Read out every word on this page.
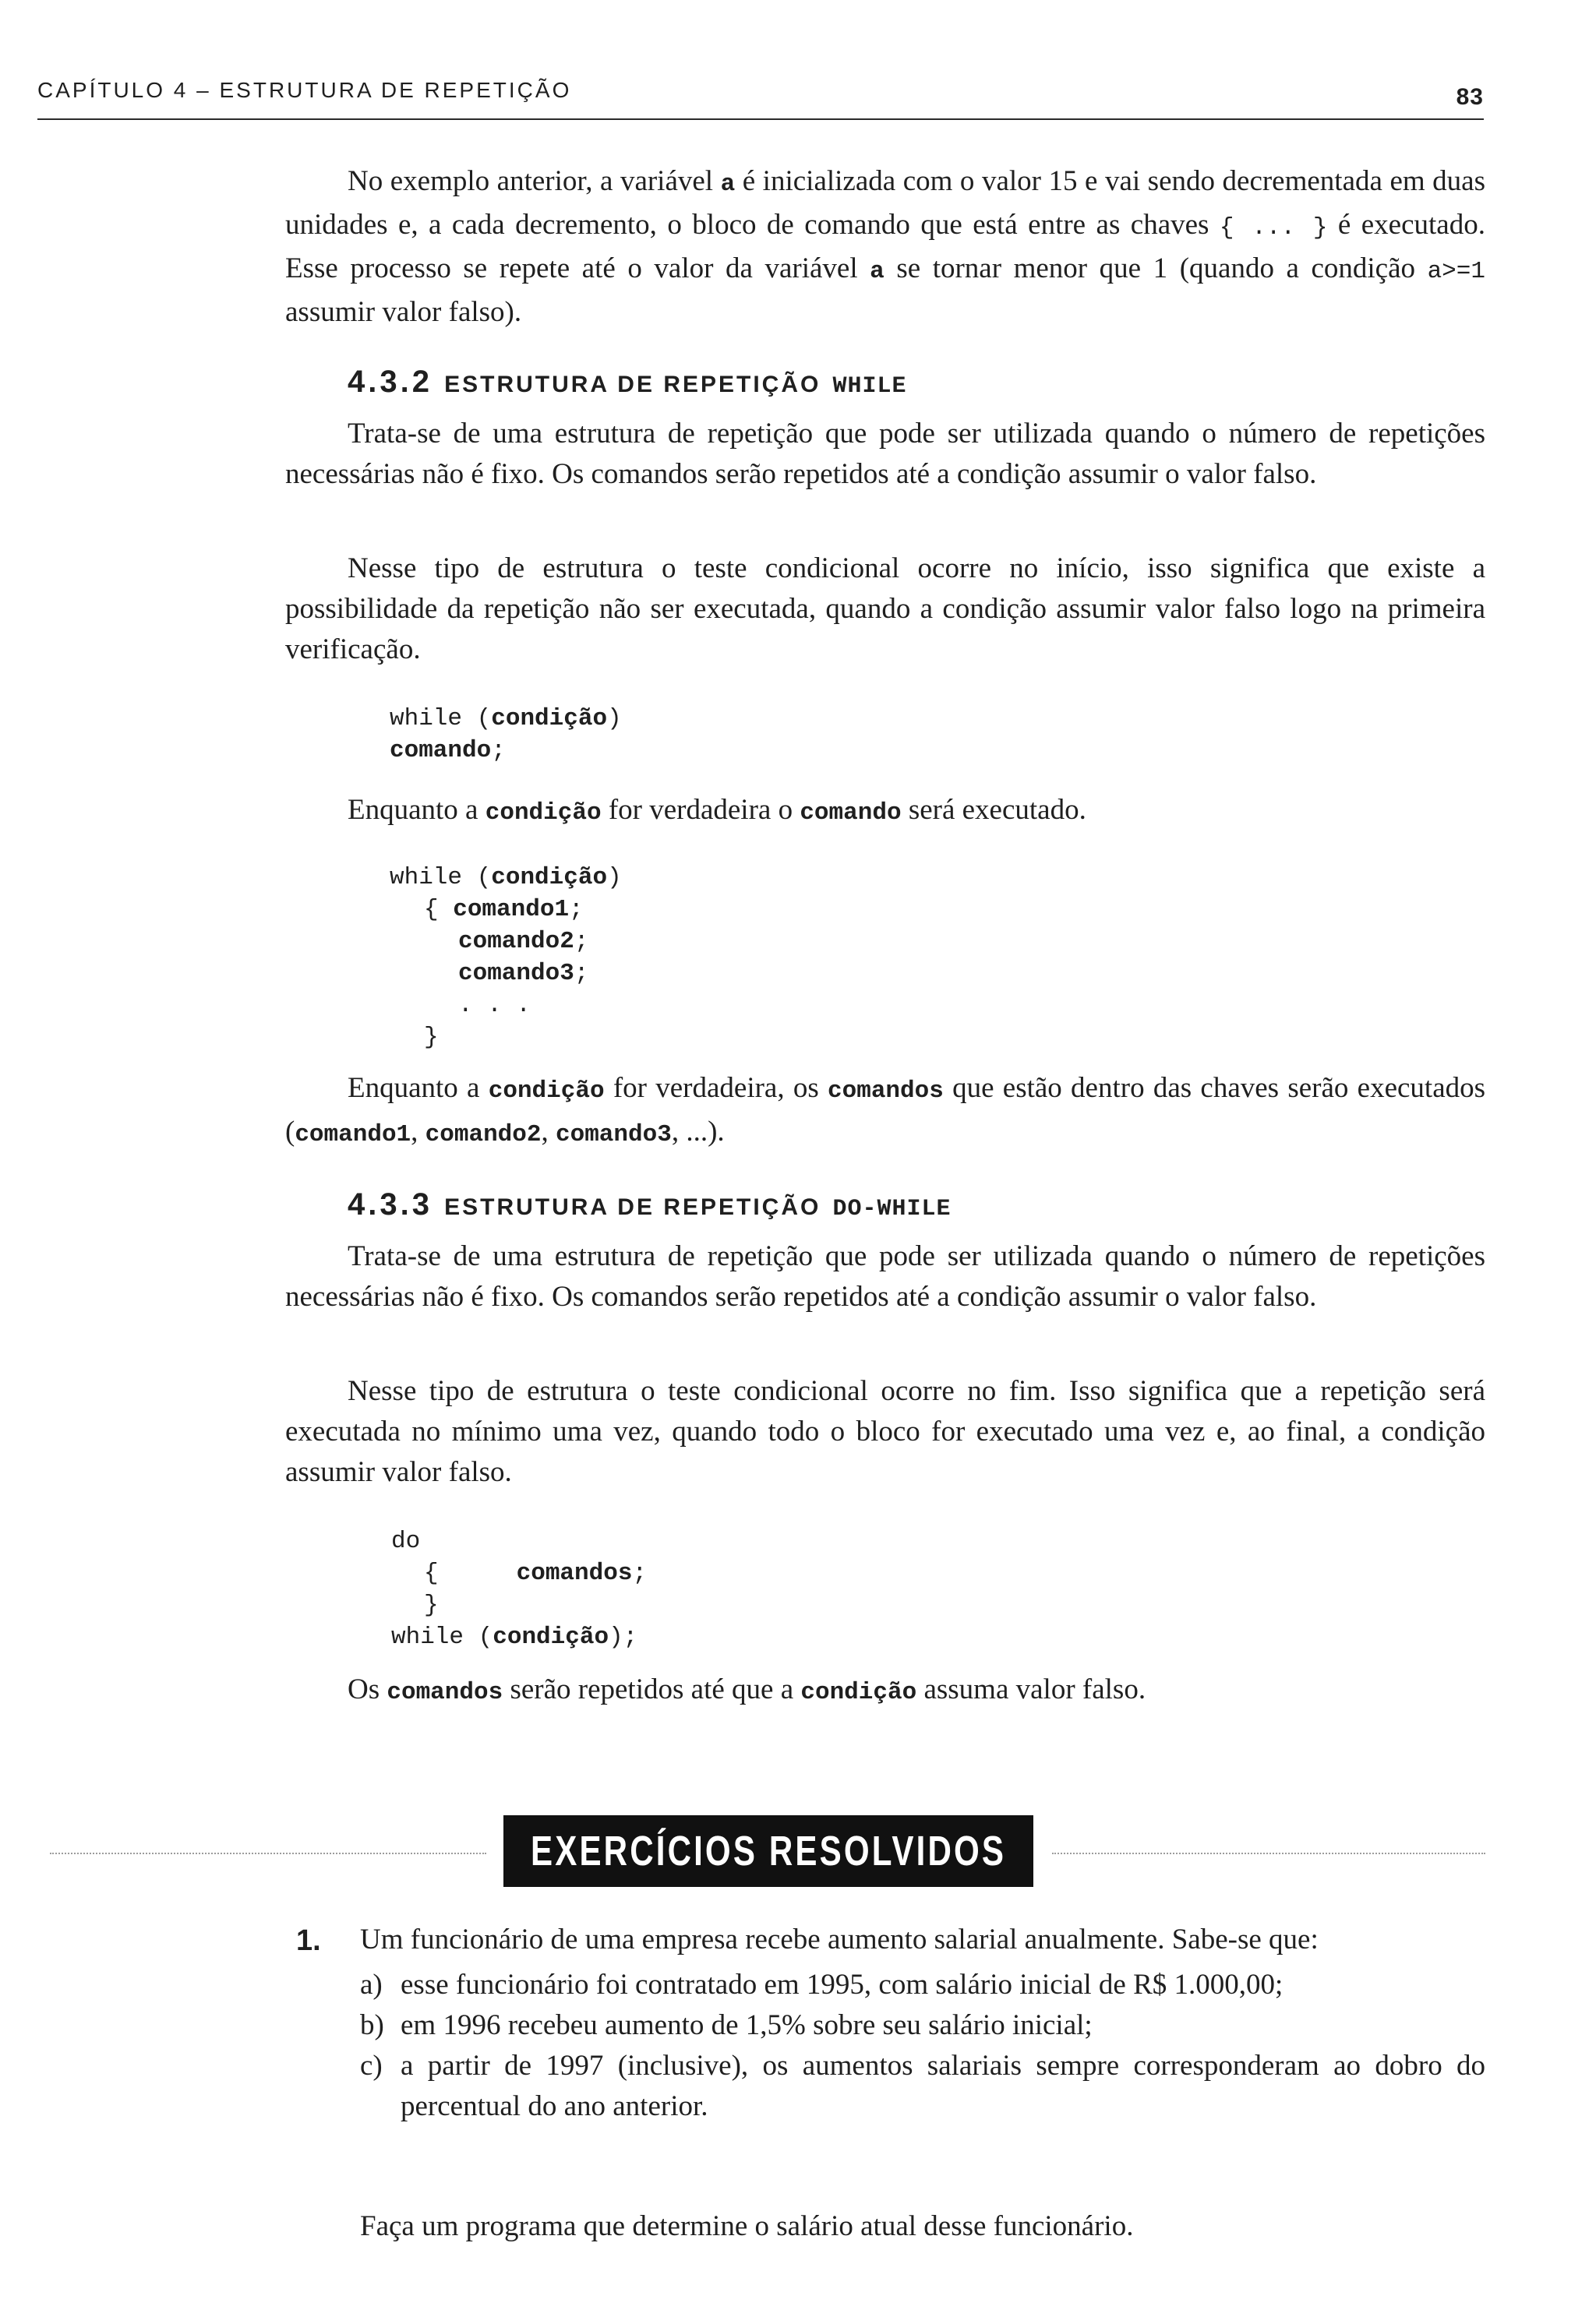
CAPÍTULO 4 – ESTRUTURA DE REPETIÇÃO	83

No exemplo anterior, a variável a é inicializada com o valor 15 e vai sendo decrementada em duas unidades e, a cada decremento, o bloco de comando que está entre as chaves { ... } é executado. Esse processo se repete até o valor da variável a se tornar menor que 1 (quando a condição a>=1 assumir valor falso).

4.3.2 ESTRUTURA DE REPETIÇÃO WHILE

Trata-se de uma estrutura de repetição que pode ser utilizada quando o número de repetições necessárias não é fixo. Os comandos serão repetidos até a condição assumir o valor falso.

Nesse tipo de estrutura o teste condicional ocorre no início, isso significa que existe a possibilidade da repetição não ser executada, quando a condição assumir valor falso logo na primeira verificação.

while (condição)
comando;

Enquanto a condição for verdadeira o comando será executado.

while (condição)
{ comando1;
comando2;
comando3;
. . .
}

Enquanto a condição for verdadeira, os comandos que estão dentro das chaves serão executados (comando1, comando2, comando3, ...).

4.3.3 ESTRUTURA DE REPETIÇÃO DO-WHILE

Trata-se de uma estrutura de repetição que pode ser utilizada quando o número de repetições necessárias não é fixo. Os comandos serão repetidos até a condição assumir o valor falso.

Nesse tipo de estrutura o teste condicional ocorre no fim. Isso significa que a repetição será executada no mínimo uma vez, quando todo o bloco for executado uma vez e, ao final, a condição assumir valor falso.

do
{	comandos;
}
while (condição);

Os comandos serão repetidos até que a condição assuma valor falso.

EXERCÍCIOS RESOLVIDOS
1. Um funcionário de uma empresa recebe aumento salarial anualmente. Sabe-se que:

a) esse funcionário foi contratado em 1995, com salário inicial de R$ 1.000,00;
b) em 1996 recebeu aumento de 1,5% sobre seu salário inicial;
c) a partir de 1997 (inclusive), os aumentos salariais sempre corresponderam ao dobro do percentual do ano anterior.

Faça um programa que determine o salário atual desse funcionário.
